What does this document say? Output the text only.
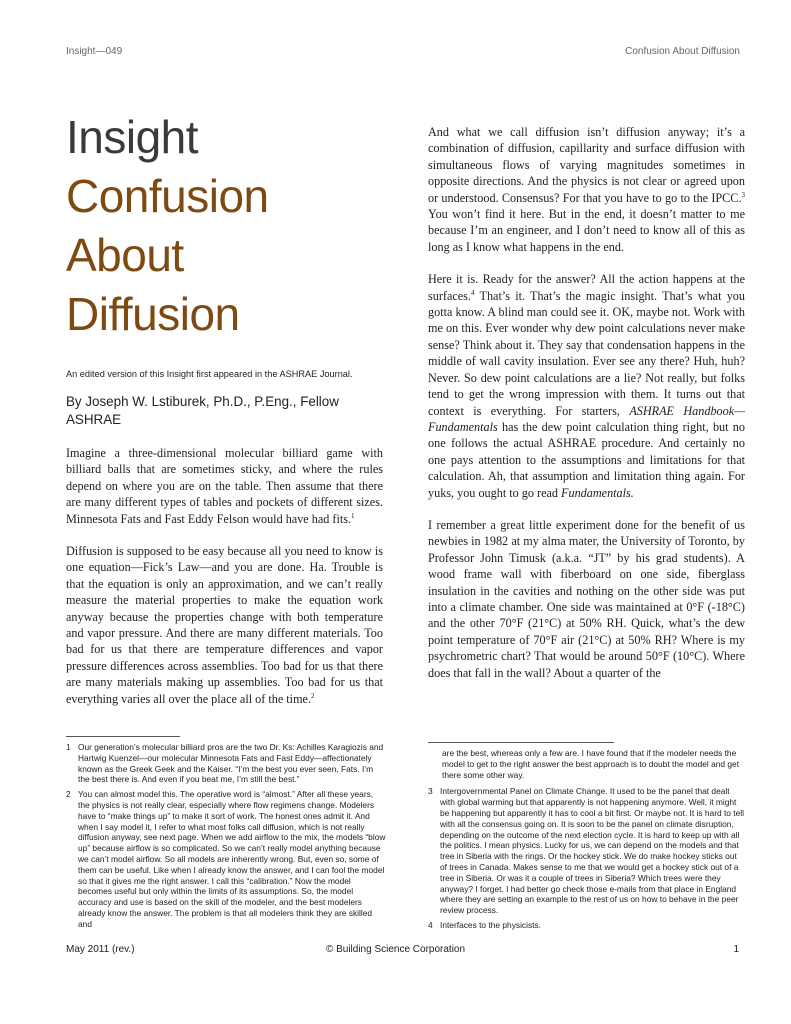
Insight—049	Confusion About Diffusion
Insight
Confusion
About
Diffusion
An edited version of this Insight first appeared in the ASHRAE Journal.
By Joseph W. Lstiburek, Ph.D., P.Eng., Fellow ASHRAE

Imagine a three-dimensional molecular billiard game with billiard balls that are sometimes sticky, and where the rules depend on where you are on the table. Then assume that there are many different types of tables and pockets of different sizes. Minnesota Fats and Fast Eddy Felson would have had fits.$^1$

Diffusion is supposed to be easy because all you need to know is one equation—Fick’s Law—and you are done. Ha. Trouble is that the equation is only an approximation, and we can’t really measure the material properties to make the equation work anyway because the properties change with both temperature and vapor pressure. And there are many different materials. Too bad for us that there are temperature differences and vapor pressure differences across assemblies. Too bad for us that there are many materials making up assemblies. Too bad for us that everything varies all over the place all of the time.$^2$

And what we call diffusion isn’t diffusion anyway; it’s a combination of diffusion, capillarity and surface diffusion with simultaneous flows of varying magnitudes sometimes in opposite directions. And the physics is not clear or agreed upon or understood. Consensus? For that you have to go to the IPCC.$^3$ You won’t find it here. But in the end, it doesn’t matter to me because I’m an engineer, and I don’t need to know all of this as long as I know what happens in the end.

Here it is. Ready for the answer? All the action happens at the surfaces.$^4$ That’s it. That’s the magic insight. That’s what you gotta know. A blind man could see it. OK, maybe not. Work with me on this. Ever wonder why dew point calculations never make sense? Think about it. They say that condensation happens in the middle of wall cavity insulation. Ever see any there? Huh, huh? Never. So dew point calculations are a lie? Not really, but folks tend to get the wrong impression with them. It turns out that context is everything. For starters, ASHRAE Handbook—Fundamentals has the dew point calculation thing right, but no one follows the actual ASHRAE procedure. And certainly no one pays attention to the assumptions and limitations for that calculation. Ah, that assumption and limitation thing again. For yuks, you ought to go read Fundamentals.

I remember a great little experiment done for the benefit of us newbies in 1982 at my alma mater, the University of Toronto, by Professor John Timusk (a.k.a. “JT” by his grad students). A wood frame wall with fiberboard on one side, fiberglass insulation in the cavities and nothing on the other side was put into a climate chamber. One side was maintained at 0°F (-18°C) and the other 70°F (21°C) at 50% RH. Quick, what’s the dew point temperature of 70°F air (21°C) at 50% RH? Where is my psychrometric chart? That would be around 50°F (10°C). Where does that fall in the wall? About a quarter of the

1 Our generation’s molecular billiard pros are the two Dr. Ks: Achilles Karagiozis and Hartwig Kuenzel—our molecular Minnesota Fats and Fast Eddy—affectionately known as the Greek Geek and the Kaiser. “I’m the best you ever seen, Fats. I’m the best there is. And even if you beat me, I’m still the best.”
2 You can almost model this. The operative word is “almost.” After all these years, the physics is not really clear, especially where flow regimens change. Modelers have to “make things up” to make it sort of work. The honest ones admit it. And when I say model it, I refer to what most folks call diffusion, which is not really diffusion anyway, see next page. When we add airflow to the mix, the models “blow up” because airflow is so complicated. So we can’t really model anything because we can’t model airflow. So all models are inherently wrong. But, even so, some of them can be useful. Like when I already know the answer, and I can fool the model so that it gives me the right answer. I call this “calibration.” Now the model becomes useful but only within the limits of its assumptions. So, the model accuracy and use is based on the skill of the modeler, and the best modelers already know the answer. The problem is that all modelers think they are skilled and
are the best, whereas only a few are. I have found that if the modeler needs the model to get to the right answer the best approach is to doubt the model and get there some other way.
3 Intergovernmental Panel on Climate Change. It used to be the panel that dealt with global warming but that apparently is not happening anymore. Well, it might be happening but apparently it has to cool a bit first. Or maybe not. It is hard to tell with all the consensus going on. It is soon to be the panel on climate disruption, depending on the outcome of the next election cycle. It is hard to keep up with all the politics. I mean physics. Lucky for us, we can depend on the models and that tree in Siberia with the rings. Or the hockey stick. We do make hockey sticks out of trees in Canada. Makes sense to me that we would get a hockey stick out of a tree in Siberia. Or was it a couple of trees in Siberia? Which trees were they anyway? I forget. I had better go check those e-mails from that place in England where they are setting an example to the rest of us on how to behave in the peer review process.
4 Interfaces to the physicists.
May 2011 (rev.)	© Building Science Corporation	1
